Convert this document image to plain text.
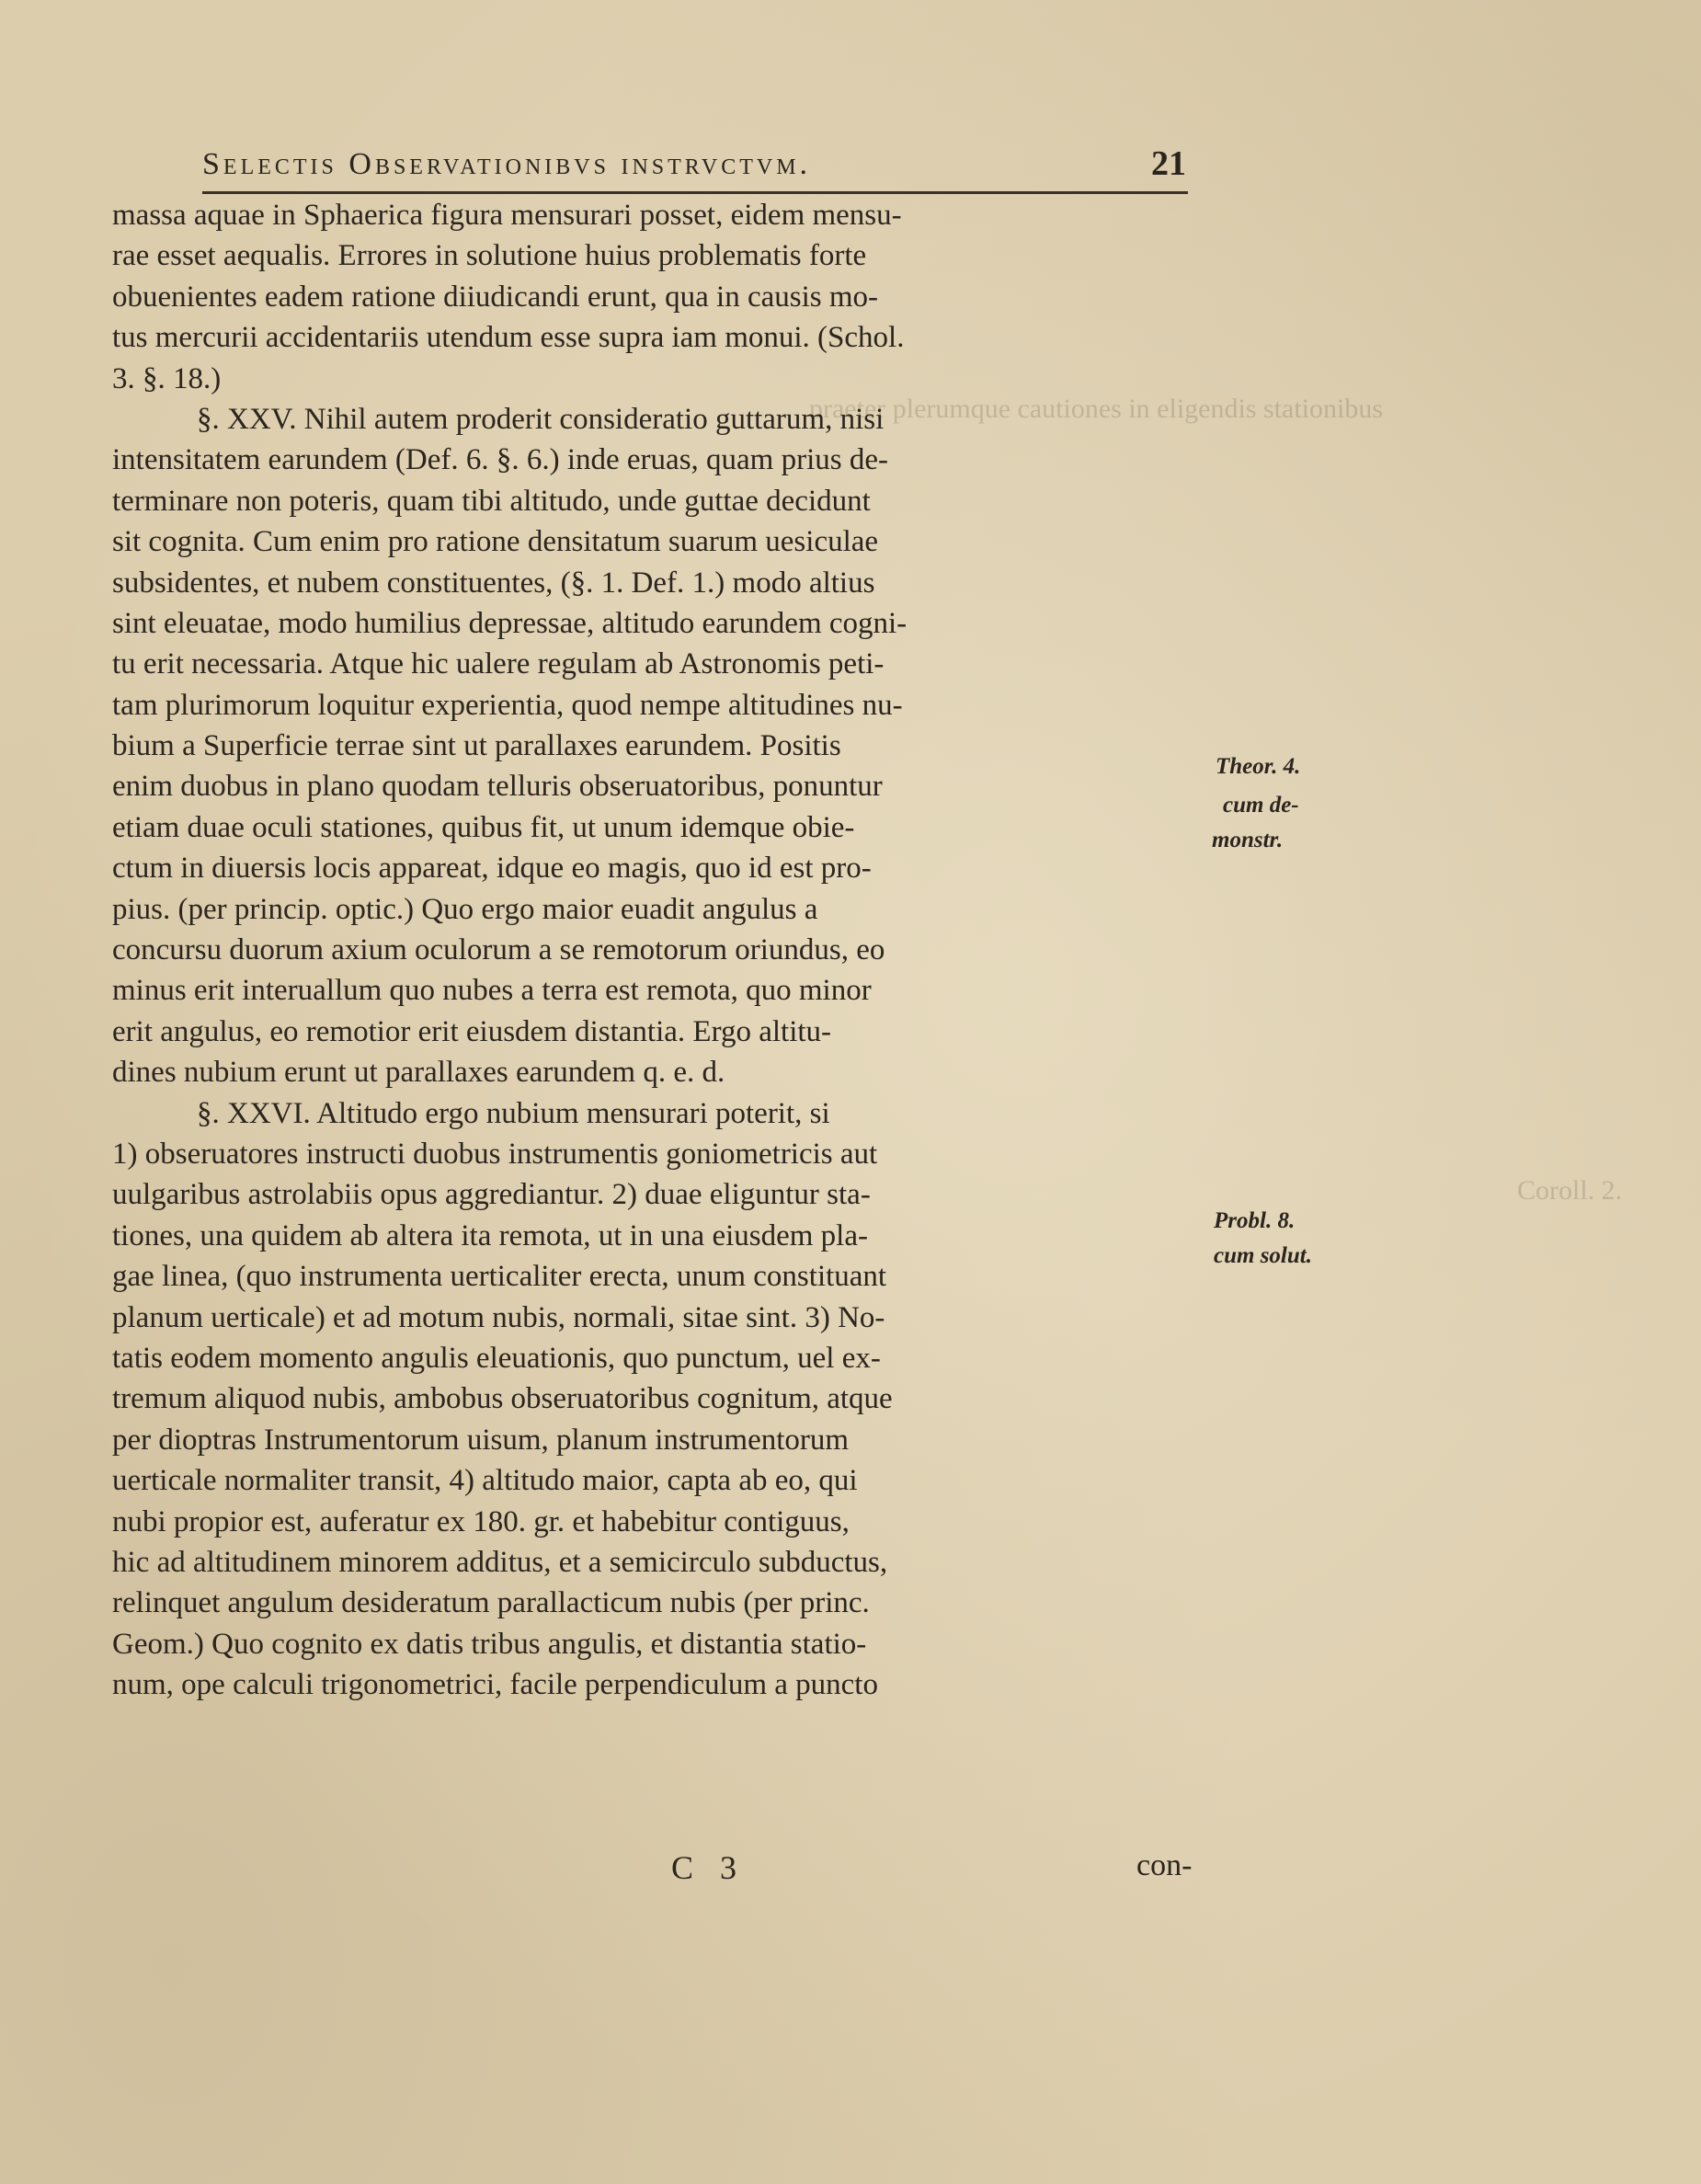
Selectis Observationibvs instrvctvm.	21
praeter plerumque cautiones in eligendis stationibus
Coroll. 2.
massa aquae in Sphaerica figura mensurari posset, eidem mensu-
rae esset aequalis. Errores in solutione huius problematis forte
obuenientes eadem ratione diiudicandi erunt, qua in causis mo-
tus mercurii accidentariis utendum esse supra iam monui. (Schol.
3. §. 18.)
§. XXV. Nihil autem proderit consideratio guttarum, nisi
intensitatem earundem (Def. 6. §. 6.) inde eruas, quam prius de-
terminare non poteris, quam tibi altitudo, unde guttae decidunt
sit cognita. Cum enim pro ratione densitatum suarum uesiculae
subsidentes, et nubem constituentes, (§. 1. Def. 1.) modo altius
sint eleuatae, modo humilius depressae, altitudo earundem cogni-
tu erit necessaria. Atque hic ualere regulam ab Astronomis peti-
tam plurimorum loquitur experientia, quod nempe altitudines nu-
bium a Superficie terrae sint ut parallaxes earundem. Positis
enim duobus in plano quodam telluris obseruatoribus, ponuntur
etiam duae oculi stationes, quibus fit, ut unum idemque obie-
ctum in diuersis locis appareat, idque eo magis, quo id est pro-
pius. (per princip. optic.) Quo ergo maior euadit angulus a
concursu duorum axium oculorum a se remotorum oriundus, eo
minus erit interuallum quo nubes a terra est remota, quo minor
erit angulus, eo remotior erit eiusdem distantia. Ergo altitu-
dines nubium erunt ut parallaxes earundem q. e. d.
§. XXVI. Altitudo ergo nubium mensurari poterit, si
1) obseruatores instructi duobus instrumentis goniometricis aut
uulgaribus astrolabiis opus aggrediantur. 2) duae eliguntur sta-
tiones, una quidem ab altera ita remota, ut in una eiusdem pla-
gae linea, (quo instrumenta uerticaliter erecta, unum constituant
planum uerticale) et ad motum nubis, normali, sitae sint. 3) No-
tatis eodem momento angulis eleuationis, quo punctum, uel ex-
tremum aliquod nubis, ambobus obseruatoribus cognitum, atque
per dioptras Instrumentorum uisum, planum instrumentorum
uerticale normaliter transit, 4) altitudo maior, capta ab eo, qui
nubi propior est, auferatur ex 180. gr. et habebitur contiguus,
hic ad altitudinem minorem additus, et a semicirculo subductus,
relinquet angulum desideratum parallacticum nubis (per princ.
Geom.) Quo cognito ex datis tribus angulis, et distantia statio-
num, ope calculi trigonometrici, facile perpendiculum a puncto
Theor. 4.
cum de-
monstr.
Probl. 8.
cum solut.
C 3	con-
